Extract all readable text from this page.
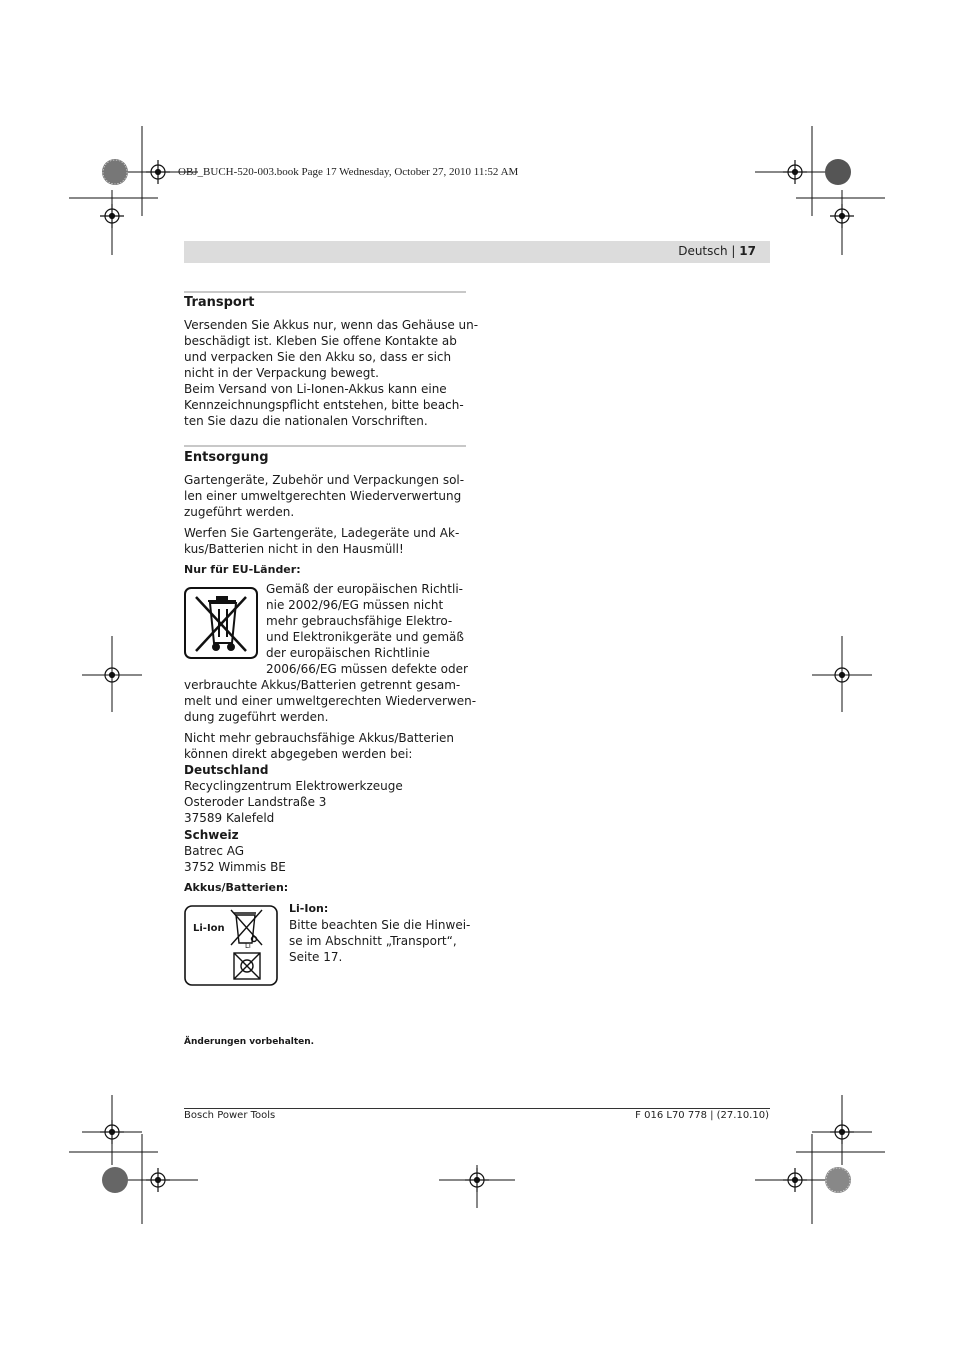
OBJ_BUCH-520-003.book Page 17 Wednesday, October 27, 2010 11:52 AM
Deutsch | 17
Transport
Versenden Sie Akkus nur, wenn das Gehäuse un-
beschädigt ist. Kleben Sie offene Kontakte ab
und verpacken Sie den Akku so, dass er sich
nicht in der Verpackung bewegt.
Beim Versand von Li-Ionen-Akkus kann eine
Kennzeichnungspflicht entstehen, bitte beach-
ten Sie dazu die nationalen Vorschriften.
Entsorgung
Gartengeräte, Zubehör und Verpackungen sol-
len einer umweltgerechten Wiederverwertung
zugeführt werden.
Werfen Sie Gartengeräte, Ladegeräte und Ak-
kus/Batterien nicht in den Hausmüll!
Nur für EU-Länder:
Gemäß der europäischen Richtli-
nie 2002/96/EG müssen nicht
mehr gebrauchsfähige Elektro-
und Elektronikgeräte und gemäß
der europäischen Richtlinie
2006/66/EG müssen defekte oder
verbrauchte Akkus/Batterien getrennt gesam-
melt und einer umweltgerechten Wiederverwen-
dung zugeführt werden.
Nicht mehr gebrauchsfähige Akkus/Batterien
können direkt abgegeben werden bei:
Deutschland
Recyclingzentrum Elektrowerkzeuge
Osteroder Landstraße 3
37589 Kalefeld
Schweiz
Batrec AG
3752 Wimmis BE
Akkus/Batterien:
Li-Ion
Li
Li-Ion:
Bitte beachten Sie die Hinwei-
se im Abschnitt „Transport“,
Seite 17.
Änderungen vorbehalten.
Bosch Power Tools	F 016 L70 778 | (27.10.10)
